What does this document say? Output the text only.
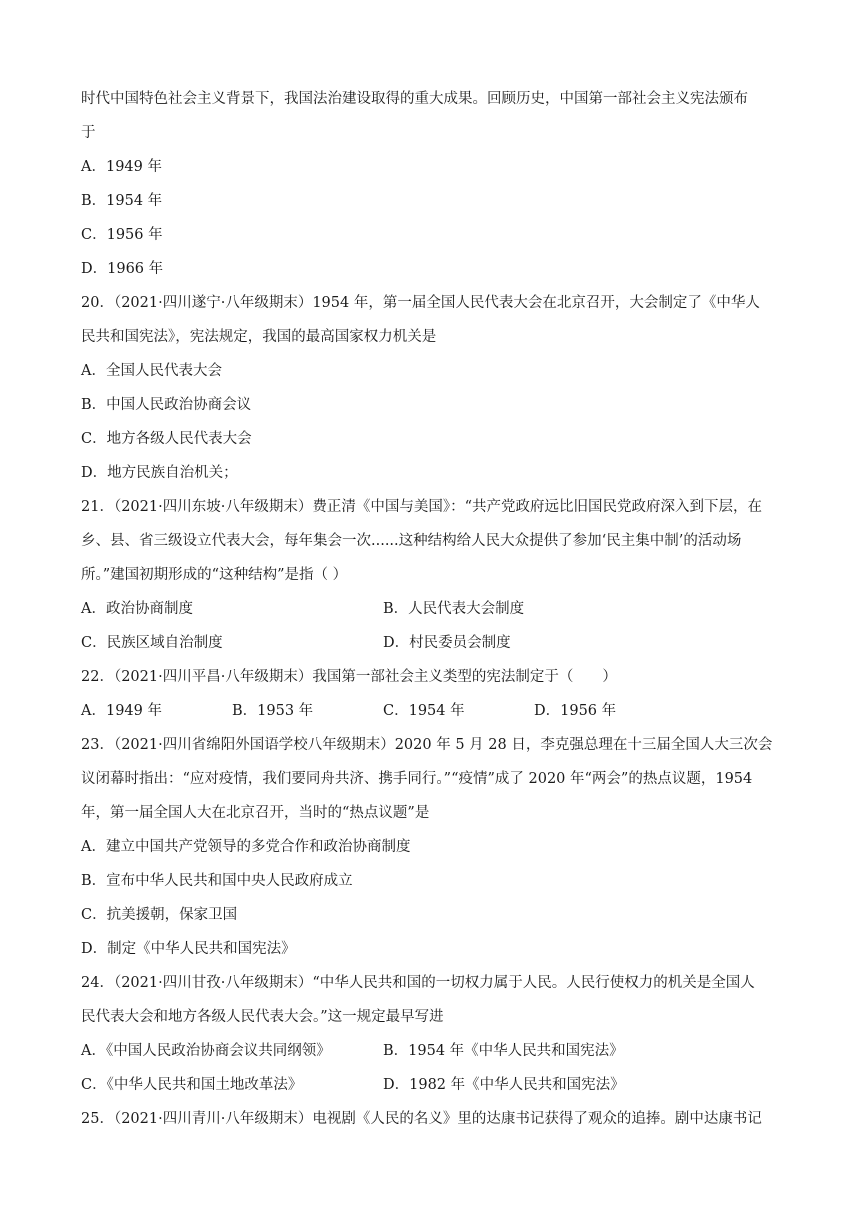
时代中国特色社会主义背景下，我国法治建设取得的重大成果。回顾历史，中国第一部社会主义宪法颁布
于
A．1949 年
B．1954 年
C．1956 年
D．1966 年
20．（2021·四川遂宁·八年级期末）1954 年，第一届全国人民代表大会在北京召开，大会制定了《中华人
民共和国宪法》，宪法规定，我国的最高国家权力机关是
A．全国人民代表大会
B．中国人民政治协商会议
C．地方各级人民代表大会
D．地方民族自治机关；
21．（2021·四川东坡·八年级期末）费正清《中国与美国》：“共产党政府远比旧国民党政府深入到下层，在
乡、县、省三级设立代表大会，每年集会一次......这种结构给人民大众提供了参加‘民主集中制’的活动场
所。”建国初期形成的“这种结构”是指（ ）
A．政治协商制度	B．人民代表大会制度
C．民族区域自治制度	D．村民委员会制度
22．（2021·四川平昌·八年级期末）我国第一部社会主义类型的宪法制定于（　　）
A．1949 年	B．1953 年	C．1954 年	D．1956 年
23．（2021·四川省绵阳外国语学校八年级期末）2020 年 5 月 28 日，李克强总理在十三届全国人大三次会
议闭幕时指出：“应对疫情，我们要同舟共济、携手同行。”“疫情”成了 2020 年“两会”的热点议题，1954
年，第一届全国人大在北京召开，当时的“热点议题”是
A．建立中国共产党领导的多党合作和政治协商制度
B．宣布中华人民共和国中央人民政府成立
C．抗美援朝，保家卫国
D．制定《中华人民共和国宪法》
24．（2021·四川甘孜·八年级期末）“中华人民共和国的一切权力属于人民。人民行使权力的机关是全国人
民代表大会和地方各级人民代表大会。”这一规定最早写进
A．《中国人民政治协商会议共同纲领》	B．1954 年《中华人民共和国宪法》
C．《中华人民共和国土地改革法》	D．1982 年《中华人民共和国宪法》
25．（2021·四川青川·八年级期末）电视剧《人民的名义》里的达康书记获得了观众的追捧。剧中达康书记
